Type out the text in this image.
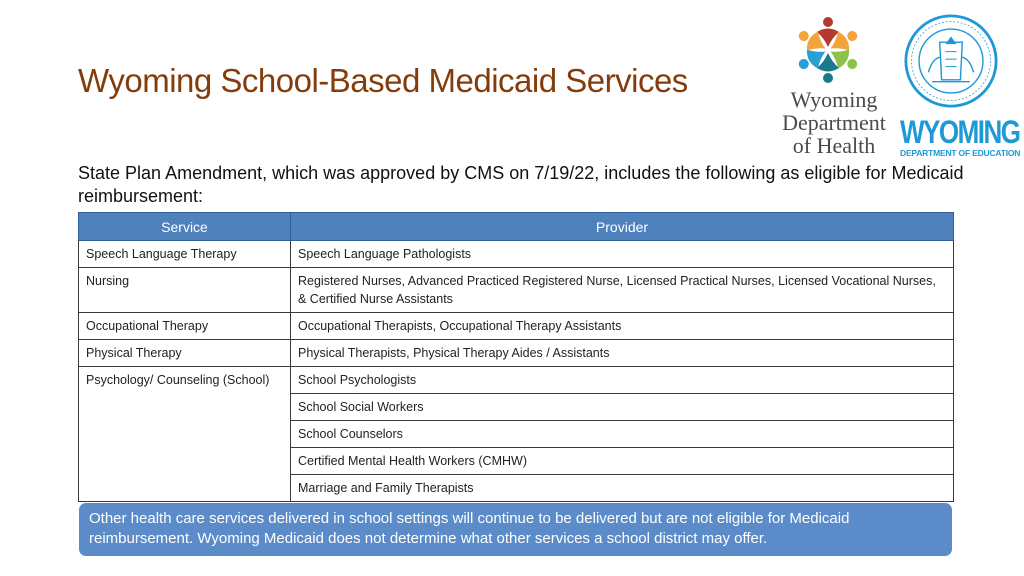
Wyoming School-Based Medicaid Services
Wyoming
Department
of Health WYOMING
DEPARTMENT OF EDUCATION
State Plan Amendment, which was approved by CMS on 7/19/22, includes the following as eligible for Medicaid reimbursement:
Service	Provider
Speech Language Therapy	Speech Language Pathologists
Nursing	Registered Nurses, Advanced Practiced Registered Nurse, Licensed Practical Nurses, Licensed Vocational Nurses, & Certified Nurse Assistants
Occupational Therapy	Occupational Therapists, Occupational Therapy Assistants
Physical Therapy	Physical Therapists, Physical Therapy Aides / Assistants
Psychology/ Counseling (School)	School Psychologists
	School Social Workers
	School Counselors
	Certified Mental Health Workers (CMHW)
	Marriage and Family Therapists
Other health care services delivered in school settings will continue to be delivered but are not eligible for Medicaid reimbursement. Wyoming Medicaid does not determine what other services a school district may offer.
